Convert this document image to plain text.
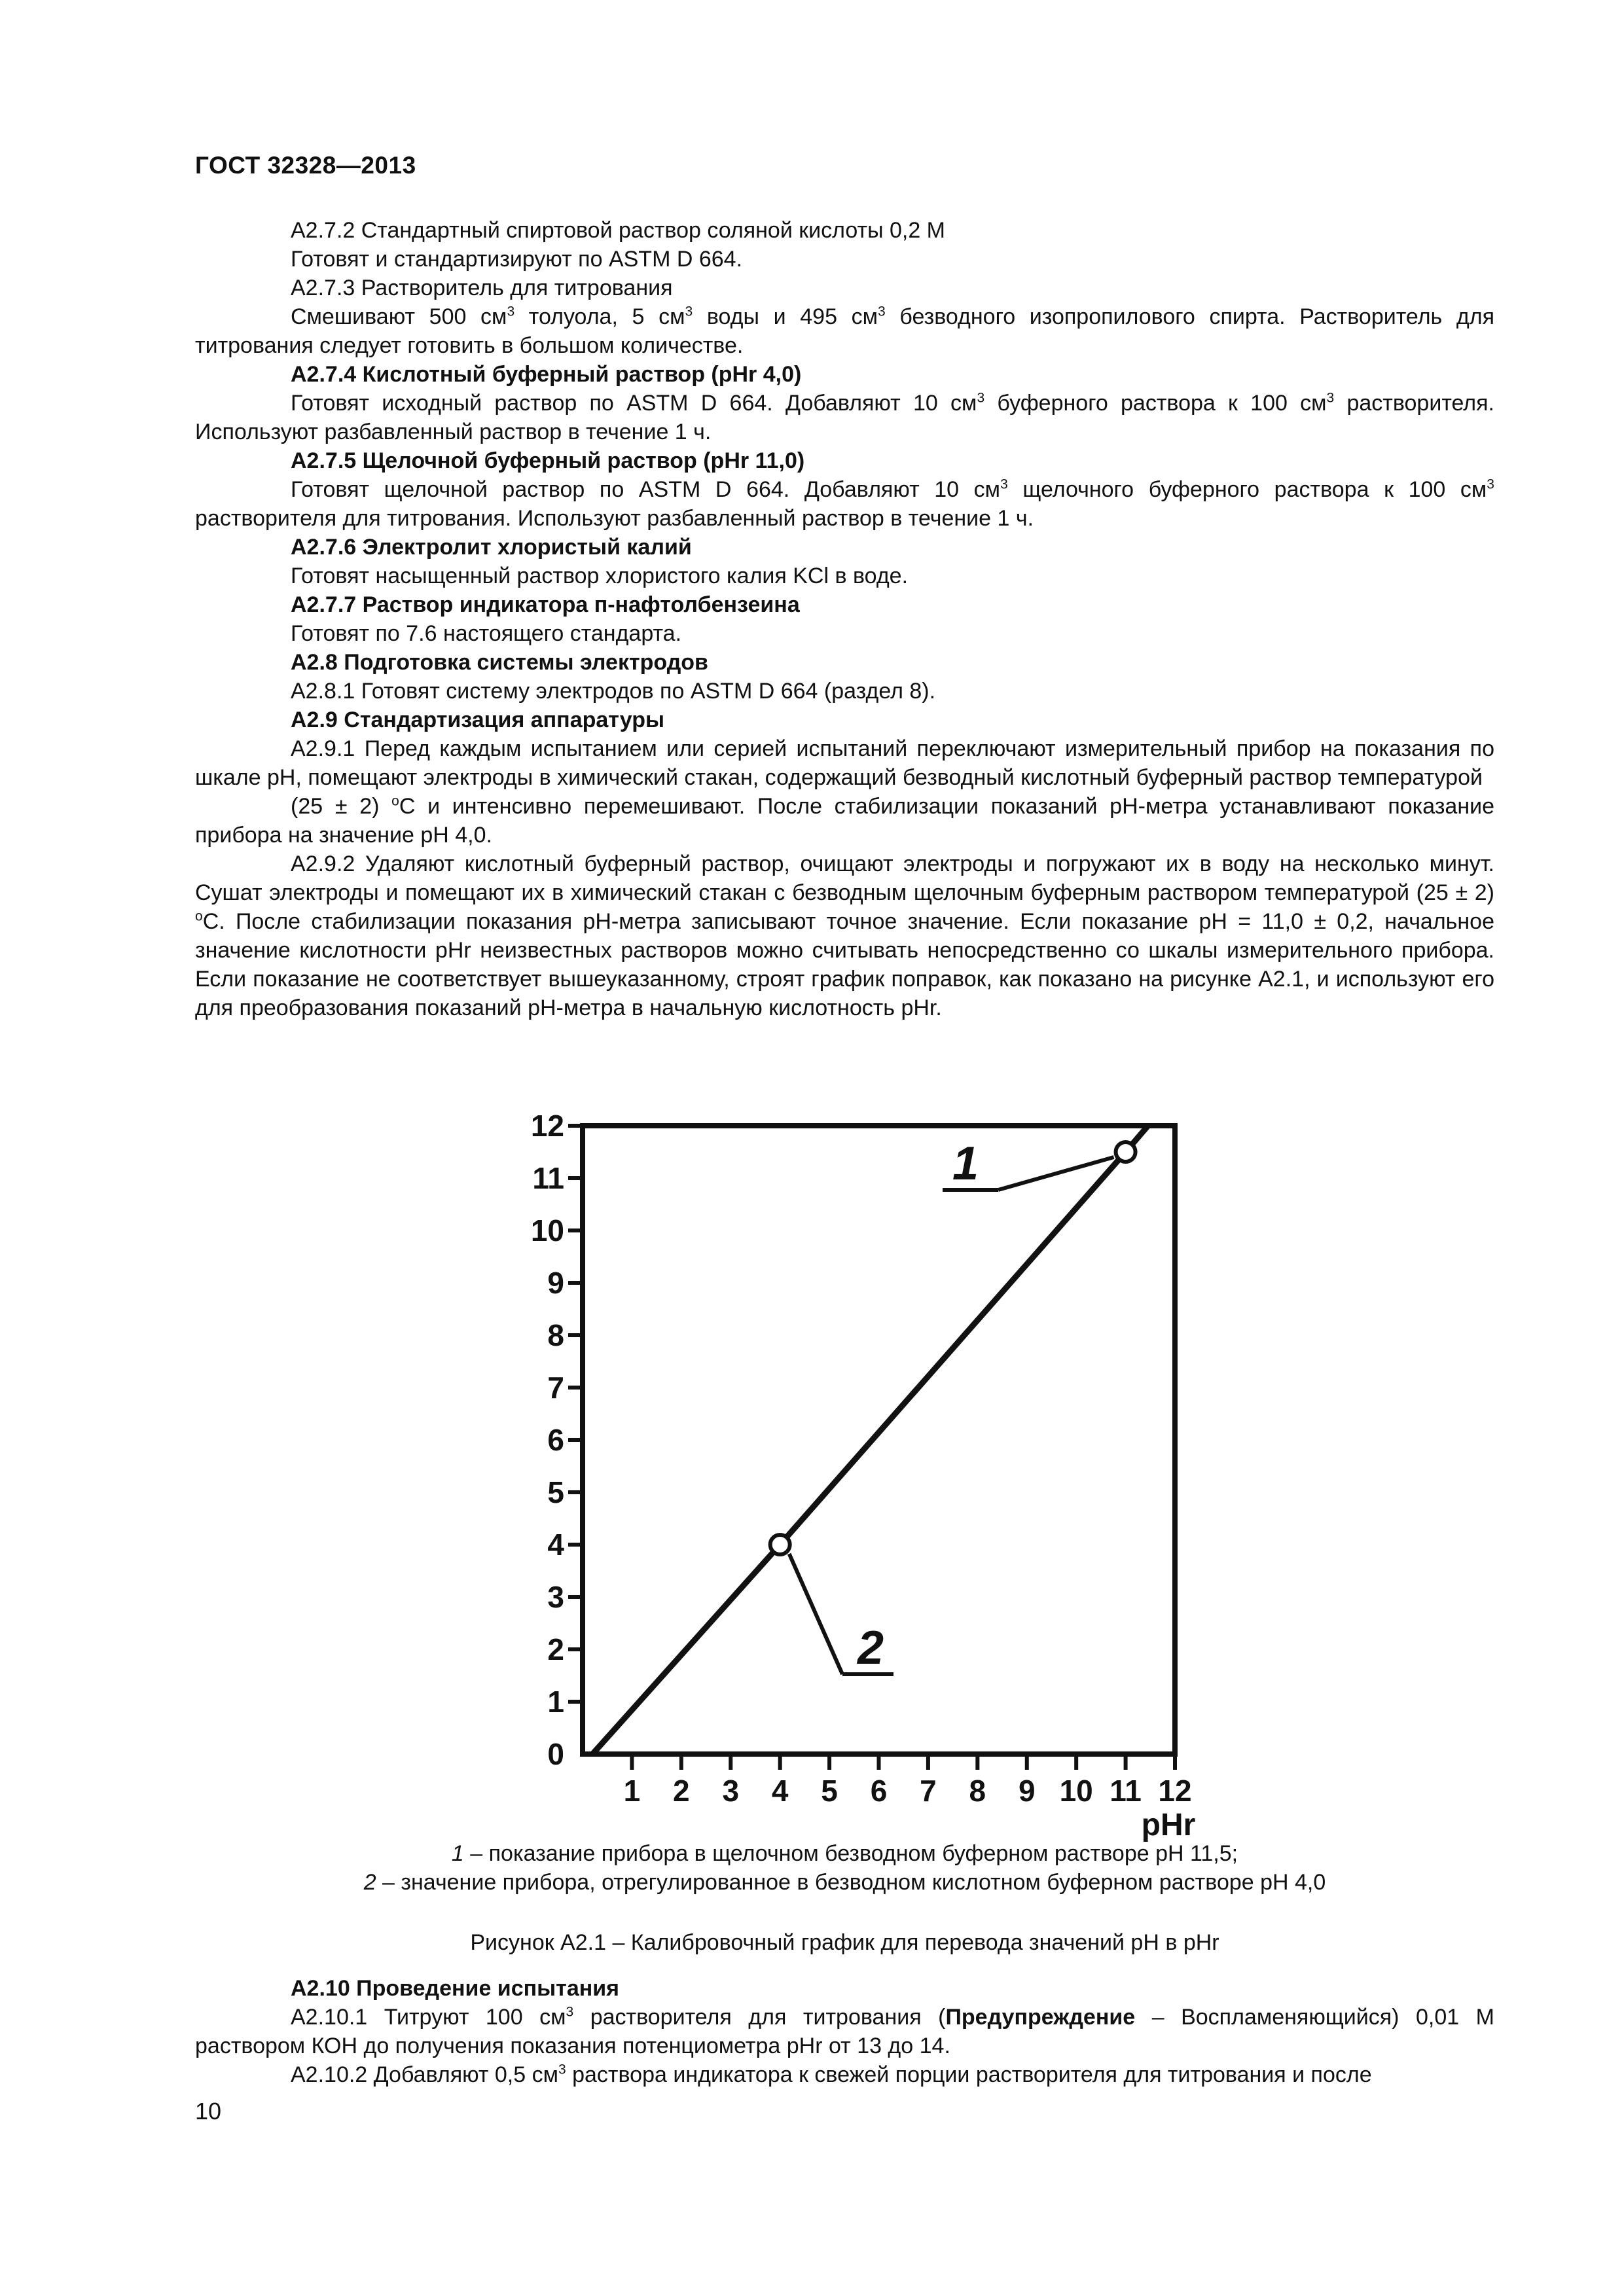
ГОСТ 32328—2013

А2.7.2 Стандартный спиртовой раствор соляной кислоты 0,2 М

Готовят и стандартизируют по ASTM D 664.

А2.7.3 Растворитель для титрования

Смешивают 500 $см^3$ толуола, 5 $см^3$ воды и 495 $см^3$ безводного изопропилового спирта. Растворитель для титрования следует готовить в большом количестве.

А2.7.4 Кислотный буферный раствор (рНr 4,0)

Готовят исходный раствор по ASTM D 664. Добавляют 10 $см^3$ буферного раствора к 100 $см^3$ растворителя. Используют разбавленный раствор в течение 1 ч.

А2.7.5 Щелочной буферный раствор (рНr 11,0)

Готовят щелочной раствор по ASTM D 664. Добавляют 10 $см^3$ щелочного буферного раствора к 100 $см^3$ растворителя для титрования. Используют разбавленный раствор в течение 1 ч.

А2.7.6 Электролит хлористый калий

Готовят насыщенный раствор хлористого калия KCl в воде.

А2.7.7 Раствор индикатора п-нафтолбензеина

Готовят по 7.6 настоящего стандарта.

А2.8 Подготовка системы электродов

А2.8.1 Готовят систему электродов по ASTM D 664 (раздел 8).

А2.9 Стандартизация аппаратуры

А2.9.1 Перед каждым испытанием или серией испытаний переключают измерительный прибор на показания по шкале рН, помещают электроды в химический стакан, содержащий безводный кислотный буферный раствор температурой

(25 ± 2) $^о$С и интенсивно перемешивают. После стабилизации показаний рН-метра устанавливают показание прибора на значение рН 4,0.

А2.9.2 Удаляют кислотный буферный раствор, очищают электроды и погружают их в воду на несколько минут. Сушат электроды и помещают их в химический стакан с безводным щелочным буферным раствором температурой (25 ± 2) $^о$С. После стабилизации показания рН-метра записывают точное значение. Если показание рН = 11,0 ± 0,2, начальное значение кислотности рНr неизвестных растворов можно считывать непосредственно со шкалы измерительного прибора. Если показание не соответствует вышеуказанному, строят график поправок, как показано на рисунке А2.1, и используют его для преобразования показаний рН-метра в начальную кислотность рНr.

0
1
2
3
4
5
6
7
8
9
10
11
12
1 2 3 4 5 6 7 8 9 10 11 12
pHr
1
2
1 – показание прибора в щелочном безводном буферном растворе рН 11,5;
2 – значение прибора, отрегулированное в безводном кислотном буферном растворе рН 4,0
Рисунок А2.1 – Калибровочный график для перевода значений рН в рНr

А2.10 Проведение испытания

А2.10.1 Титруют 100 $см^3$ растворителя для титрования (Предупреждение – Воспламеняющийся) 0,01 М раствором КОН до получения показания потенциометра рНr от 13 до 14.

А2.10.2 Добавляют 0,5 $см^3$ раствора индикатора к свежей порции растворителя для титрования и после

10
